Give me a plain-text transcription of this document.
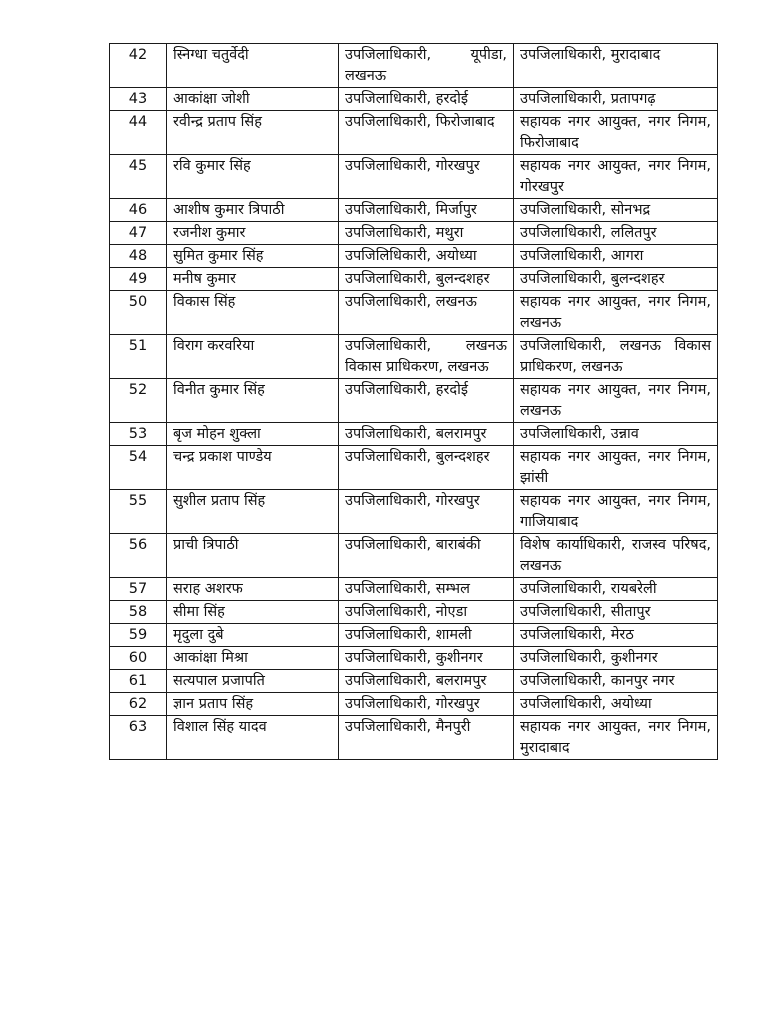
42	स्निग्धा चतुर्वेदी	उपजिलाधिकारी, यूपीडा, लखनऊ	उपजिलाधिकारी, मुरादाबाद
43	आकांक्षा जोशी	उपजिलाधिकारी, हरदोई	उपजिलाधिकारी, प्रतापगढ़
44	रवीन्द्र प्रताप सिंह	उपजिलाधिकारी, फिरोजाबाद	सहायक नगर आयुक्त, नगर निगम, फिरोजाबाद
45	रवि कुमार सिंह	उपजिलाधिकारी, गोरखपुर	सहायक नगर आयुक्त, नगर निगम, गोरखपुर
46	आशीष कुमार त्रिपाठी	उपजिलाधिकारी, मिर्जापुर	उपजिलाधिकारी, सोनभद्र
47	रजनीश कुमार	उपजिलाधिकारी, मथुरा	उपजिलाधिकारी, ललितपुर
48	सुमित कुमार सिंह	उपजिलिधिकारी, अयोध्या	उपजिलाधिकारी, आगरा
49	मनीष कुमार	उपजिलाधिकारी, बुलन्दशहर	उपजिलाधिकारी, बुलन्दशहर
50	विकास सिंह	उपजिलाधिकारी, लखनऊ	सहायक नगर आयुक्त, नगर निगम, लखनऊ
51	विराग करवरिया	उपजिलाधिकारी, लखनऊ विकास प्राधिकरण, लखनऊ	उपजिलाधिकारी, लखनऊ विकास प्राधिकरण, लखनऊ
52	विनीत कुमार सिंह	उपजिलाधिकारी, हरदोई	सहायक नगर आयुक्त, नगर निगम, लखनऊ
53	बृज मोहन शुक्ला	उपजिलाधिकारी, बलरामपुर	उपजिलाधिकारी, उन्नाव
54	चन्द्र प्रकाश पाण्डेय	उपजिलाधिकारी, बुलन्दशहर	सहायक नगर आयुक्त, नगर निगम, झांसी
55	सुशील प्रताप सिंह	उपजिलाधिकारी, गोरखपुर	सहायक नगर आयुक्त, नगर निगम, गाजियाबाद
56	प्राची त्रिपाठी	उपजिलाधिकारी, बाराबंकी	विशेष कार्याधिकारी, राजस्व परिषद, लखनऊ
57	सराह अशरफ	उपजिलाधिकारी, सम्भल	उपजिलाधिकारी, रायबरेली
58	सीमा सिंह	उपजिलाधिकारी, नोएडा	उपजिलाधिकारी, सीतापुर
59	मृदुला दुबे	उपजिलाधिकारी, शामली	उपजिलाधिकारी, मेरठ
60	आकांक्षा मिश्रा	उपजिलाधिकारी, कुशीनगर	उपजिलाधिकारी, कुशीनगर
61	सत्यपाल प्रजापति	उपजिलाधिकारी, बलरामपुर	उपजिलाधिकारी, कानपुर नगर
62	ज्ञान प्रताप सिंह	उपजिलाधिकारी, गोरखपुर	उपजिलाधिकारी, अयोध्या
63	विशाल सिंह यादव	उपजिलाधिकारी, मैनपुरी	सहायक नगर आयुक्त, नगर निगम, मुरादाबाद
